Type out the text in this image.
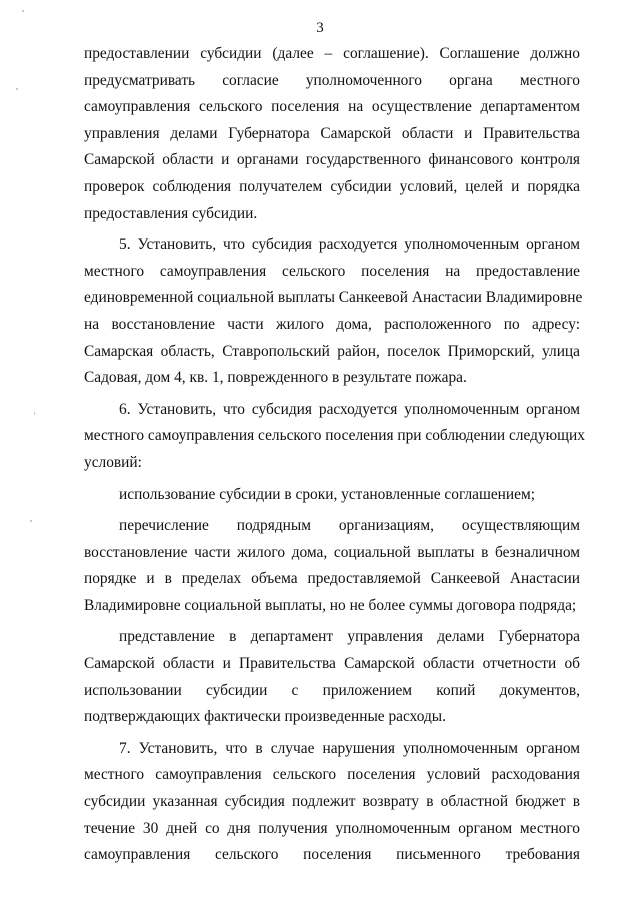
3
предоставлении субсидии (далее – соглашение). Соглашение должно
предусматривать согласие уполномоченного органа местного
самоуправления сельского поселения на осуществление департаментом
управления делами Губернатора Самарской области и Правительства
Самарской области и органами государственного финансового контроля
проверок соблюдения получателем субсидии условий, целей и порядка
предоставления субсидии.
5. Установить, что субсидия расходуется уполномоченным органом
местного самоуправления сельского поселения на предоставление
единовременной социальной выплаты Санкеевой Анастасии Владимировне
на восстановление части жилого дома, расположенного по адресу:
Самарская область, Ставропольский район, поселок Приморский, улица
Садовая, дом 4, кв. 1, поврежденного в результате пожара.
6. Установить, что субсидия расходуется уполномоченным органом
местного самоуправления сельского поселения при соблюдении следующих
условий:
использование субсидии в сроки, установленные соглашением;
перечисление подрядным организациям, осуществляющим
восстановление части жилого дома, социальной выплаты в безналичном
порядке и в пределах объема предоставляемой Санкеевой Анастасии
Владимировне социальной выплаты, но не более суммы договора подряда;
представление в департамент управления делами Губернатора
Самарской области и Правительства Самарской области отчетности об
использовании субсидии с приложением копий документов,
подтверждающих фактически произведенные расходы.
7. Установить, что в случае нарушения уполномоченным органом
местного самоуправления сельского поселения условий расходования
субсидии указанная субсидия подлежит возврату в областной бюджет в
течение 30 дней со дня получения уполномоченным органом местного
самоуправления сельского поселения письменного требования
